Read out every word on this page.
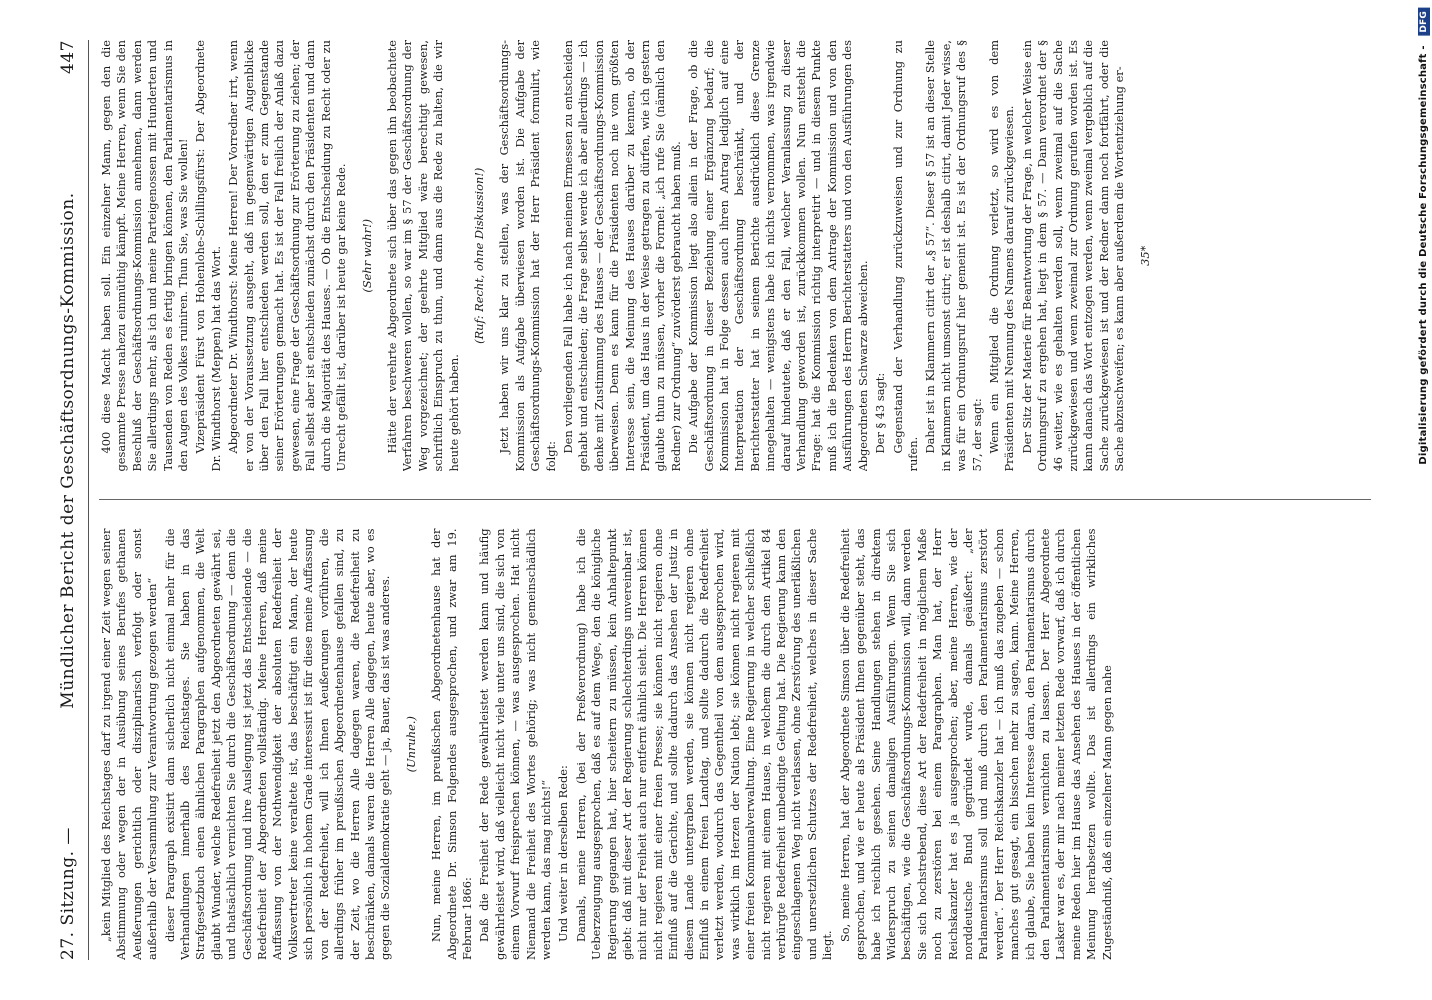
27. Sitzung. —
Mündlicher Bericht der Geschäftsordnungs-Kommission.
447

„kein Mitglied des Reichstages darf zu irgend einer Zeit wegen seiner Abstimmung oder wegen der in Ausübung seines Berufes gethanen Aeußerungen gerichtlich oder disziplinarisch verfolgt oder sonst außerhalb der Versammlung zur Verantwortung gezogen werden“ dieser Paragraph existirt dann sicherlich nicht einmal mehr für die Verhandlungen innerhalb des Reichstages. Sie haben in das Strafgesetzbuch einen ähnlichen Paragraphen aufgenommen, die Welt glaubt Wunder, welche Redefreiheit jetzt den Abgeordneten gewährt sei, und thatsächlich vernichten Sie durch die Geschäftsordnung — denn die Geschäftsordnung und ihre Auslegung ist jetzt das Entscheidende — die Redefreiheit der Abgeordneten vollständig. Meine Herren, daß meine Auffassung von der Nothwendigkeit der absoluten Redefreiheit der Volksvertreter keine veraltete ist, das beschäftigt ein Mann, der heute sich persönlich in hohem Grade interessirt ist für diese meine Auffassung von der Redefreiheit, will ich Ihnen Aeußerungen vorführen, die allerdings früher im preußischen Abgeordnetenhause gefallen sind, zu der Zeit, wo die Herren Alle dagegen waren, die Redefreiheit zu beschränken, damals waren die Herren Alle dagegen, heute aber, wo es gegen die Sozialdemokratie geht — ja, Bauer, das ist was anderes. (Unruhe.) Nun, meine Herren, im preußischen Abgeordnetenhause hat der Abgeordnete Dr. Simson Folgendes ausgesprochen, und zwar am 19. Februar 1866: Daß die Freiheit der Rede gewährleistet werden kann und häufig gewährleistet wird, daß vielleicht nicht viele unter uns sind, die sich von einem Vorwurf freisprechen können, — was ausgesprochen. Hat nicht Niemand die Freiheit des Wortes gehörig; was nicht gemeinschädlich werden kann, das mag nichts!“ Und weiter in derselben Rede: Damals, meine Herren, (bei der Preßverordnung) habe ich die Ueberzeugung ausgesprochen, daß es auf dem Wege, den die königliche Regierung gegangen hat, hier scheitern zu müssen, kein Anhaltepunkt giebt: daß mit dieser Art der Regierung schlechterdings unvereinbar ist, nicht nur der Freiheit auch nur entfernt ähnlich sieht. Die Herren können nicht regieren mit einer freien Presse; sie können nicht regieren ohne Einfluß auf die Gerichte, und sollte dadurch das Ansehen der Justiz in diesem Lande untergraben werden, sie können nicht regieren ohne Einfluß in einem freien Landtag, und sollte dadurch die Redefreiheit verletzt werden, wodurch das Gegentheil von dem ausgesprochen wird, was wirklich im Herzen der Nation lebt; sie können nicht regieren mit einer freien Kommunalverwaltung. Eine Regierung in welcher schließlich nicht regieren mit einem Hause, in welchem die durch den Artikel 84 verbürgte Redefreiheit unbedingte Geltung hat. Die Regierung kann den eingeschlagenen Weg nicht verlassen, ohne Zerstörung des unerläßlichen und unersetzlichen Schutzes der Redefreiheit, welches in dieser Sache liegt.

So, meine Herren, hat der Abgeordnete Simson über die Redefreiheit gesprochen, und wie er heute als Präsident Ihnen gegenüber steht, das habe ich reichlich gesehen. Seine Handlungen stehen in direktem Widerspruch zu seinen damaligen Ausführungen. Wenn Sie sich beschäftigen, wie die Geschäftsordnungs-Kommission will, dann werden Sie sich hochstrebend, diese Art der Redefreiheit in möglichem Maße noch zu zerstören bei einem Paragraphen. Man hat, der Herr Reichskanzler hat es ja ausgesprochen; aber, meine Herren, wie der norddeutsche Bund gegründet wurde, damals geäußert: „der Parlamentarismus soll und muß durch den Parlamentarismus zerstört werden“. Der Herr Reichskanzler hat — ich muß das zugeben — schon manches gut gesagt, ein bisschen mehr zu sagen, kann. Meine Herren, ich glaube, Sie haben kein Interesse daran, den Parlamentarismus durch den Parlamentarismus vernichten zu lassen. Der Herr Abgeordnete Lasker war es, der mir nach meiner letzten Rede vorwarf, daß ich durch meine Reden hier im Hause das Ansehen des Hauses in der öffentlichen Meinung herabsetzen wollte. Das ist allerdings ein wirkliches Zugeständniß, daß ein einzelner Mann gegen nahe

400 diese Macht haben soll. Ein einzelner Mann, gegen den die gesammte Presse nahezu einmüthig kämpft. Meine Herren, wenn Sie den Beschluß der Geschäftsordnungs-Kommission annehmen, dann werden Sie allerdings mehr, als ich und meine Parteigenossen mit Hunderten und Tausenden von Reden es fertig bringen können, den Parlamentarismus in den Augen des Volkes ruiniren. Thun Sie, was Sie wollen! Vizepräsident Fürst von Hohenlohe-Schillingsfürst: Der Abgeordnete Dr. Windthorst (Meppen) hat das Wort. Abgeordneter Dr. Windthorst: Meine Herren! Der Vorredner irrt, wenn er von der Voraussetzung ausgeht, daß im gegenwärtigen Augenblicke über den Fall hier entschieden werden soll, den er zum Gegenstande seiner Erörterungen gemacht hat. Es ist der Fall freilich der Anlaß dazu gewesen, eine Frage der Geschäftsordnung zur Erörterung zu ziehen; der Fall selbst aber ist entschieden zunächst durch den Präsidenten und dann durch die Majorität des Hauses. — Ob die Entscheidung zu Recht oder zu Unrecht gefällt ist, darüber ist heute gar keine Rede. (Sehr wahr!) Hätte der verehrte Abgeordnete sich über das gegen ihn beobachtete Verfahren beschweren wollen, so war im § 57 der Geschäftsordnung der Weg vorgezeichnet; der geehrte Mitglied wäre berechtigt gewesen, schriftlich Einspruch zu thun, und dann aus die Rede zu halten, die wir heute gehört haben.

(Ruf: Recht, ohne Diskussion!) Jetzt haben wir uns klar zu stellen, was der Geschäftsordnungs-Kommission als Aufgabe überwiesen worden ist. Die Aufgabe der Geschäftsordnungs-Kommission hat der Herr Präsident formulirt, wie folgt:

Den vorliegenden Fall habe ich nach meinem Ermessen zu entscheiden gehabt und entschieden; die Frage selbst werde ich aber allerdings — ich denke mit Zustimmung des Hauses — der Geschäftsordnungs-Kommission überweisen. Denn es kann für die Präsidenten noch nie vom größten Interesse sein, die Meinung des Hauses darüber zu kennen, ob der Präsident, um das Haus in der Weise getragen zu dürfen, wie ich gestern glaubte thun zu müssen, vorher die Formel: „ich rufe Sie (nämlich den Redner) zur Ordnung“ zuvörderst gebraucht haben muß. Die Aufgabe der Kommission liegt also allein in der Frage, ob die Geschäftsordnung in dieser Beziehung einer Ergänzung bedarf; die Kommission hat in Folge dessen auch ihren Antrag lediglich auf eine Interpretation der Geschäftsordnung beschränkt, und der Berichterstatter hat in seinem Berichte ausdrücklich diese Grenze innegehalten — wenigstens habe ich nichts vernommen, was irgendwie darauf hindeutete, daß er den Fall, welcher Veranlassung zu dieser Verhandlung geworden ist, zurückkommen wollen. Nun entsteht die Frage: hat die Kommission richtig interpretirt — und in diesem Punkte muß ich die Bedenken von dem Antrage der Kommission und von den Ausführungen des Herrn Berichterstatters und von den Ausführungen des Abgeordneten Schwarze abweichen. Der § 43 sagt: Gegenstand der Verhandlung zurückzuweisen und zur Ordnung zu rufen.

Daher ist in Klammern citirt der „§ 57“. Dieser § 57 ist an dieser Stelle in Klammern nicht umsonst citirt; er ist deshalb citirt, damit Jeder wisse, was für ein Ordnungsruf hier gemeint ist. Es ist der Ordnungsruf des § 57, der sagt: Wenn ein Mitglied die Ordnung verletzt, so wird es von dem Präsidenten mit Nennung des Namens darauf zurückgewiesen. Der Sitz der Materie für Beantwortung der Frage, in welcher Weise ein Ordnungsruf zu ergehen hat, liegt in dem § 57. — Dann verordnet der § 46 weiter, wie es gehalten werden soll, wenn zweimal auf die Sache zurückgewiesen und wenn zweimal zur Ordnung gerufen worden ist. Es kann danach das Wort entzogen werden, wenn zweimal vergeblich auf die Sache zurückgewiesen ist und der Redner dann noch fortfährt, oder die Sache abzuschweifen; es kann aber außerdem die Wortentziehung er- 35*	Digitalisierung gefördert durch die Deutsche Forschungsgemeinschaft - DFG
